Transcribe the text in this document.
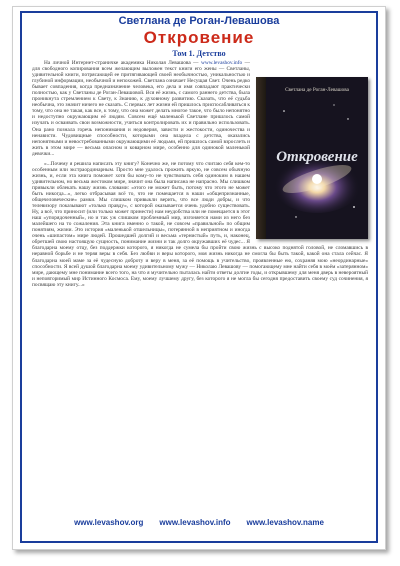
Светлана де Роган-Левашова
Откровение
Том 1. Детство
Светлана де Роган-Левашова
Откровение

На личной Интернет-страничке академика Николая Левашова — www.levashov.info — для свободного копирования всем желающим выложен текст книги его жены — Светланы, удивительной книги, потрясающей ее притягивающей своей необычностью, уникальностью и глубиной информации, необычной и непохожей. Светлана означает Несущая Свет. Очень редко бывает совпадения, когда предназначение человека, его дела и имя совпадают практически полностью, как у Светланы де Роган-Левашовой. Вся её жизнь, с самого раннего детства, была проникнута стремлением к Свету, к Знанию, к духовному развитию. Сказать, что её судьба необычна, это значит ничего не сказать. С первых лет жизни ей пришлось приспосабливаться к тому, что она не такая, как все, к тому, что она может делать многое такое, что было непонятно и недоступно окружающим её людям. Совсем ещё маленькой Светлане пришлось самой изучать и осваивать свои возможности, учиться контролировать их и правильно использовать. Она рано познала горечь непонимания и недоверия, зависти и жестокости, одиночества и ненависти. Чудовищные способности, которыми она владела с детства, оказались непонятными и невостребованными окружающими её людьми, ей пришлось самой взрослеть и жить в этом мире — весьма опасном и коварном мире, особенно для одинокой маленькой девочки...

«...Почему я решила написать эту книгу? Конечно же, не потому что считаю себя кем-то особенным или экстраординарным. Просто мне удалось прожить яркую, не совсем обычную жизнь, и, если эта книга поможет хотя бы кому-то не чувствовать себя одиноким в нашем удивительном, но весьма жестоком мире, значит она была написана не напрасно. Мы слишком привыкли облекать нашу жизнь словами: «этого не может быть, потому что этого не может быть никогда...», легко отбрасывая всё то, что не помещается в наши «общепризнанные, общечеловеческие» рамки. Мы слишком привыкли верить, что все люди добры, и что телевизору показывают «только правду», с которой оказывается очень удобно существовать. Ну, а всё, что приносит (или только может принести) нам неудобства или не помещается в этот наш «упорядоченный», но и так уж слишком проблемный мир, изгоняется нами из него без малейшего на то сожаления. Эта книга именно о такой, не совсем «правильной» по общим понятиям, жизни. Это история «маленькой отшельницы», потерянной в неприятном и иногда очень «шипастом» мире людей. Прошедшей долгий и весьма «тернистый» путь, и, наконец, обретшей свою настоящую сущность, понимание жизни и так долго окружавших её чудес... Я благодарна моему отцу, без поддержки которого, я никогда не сумела бы пройти свою жизнь с высоко поднятой головой, не сломавшись в неравной борьбе и не теряя веры в себя. Без любви и веры которого, моя жизнь никогда не смогла бы быть такой, какой она стала сейчас. Я благодарна моей маме за её чудесную доброту и веру в меня, за её помощь в учительство, проявленные ею, сохраняя мою «неординарные» способности. Я всей душой благодарна моему удивительному мужу — Николаю Левашову — помогающему мне найти себя в моём «затерянном» мире, дающему мне понимание всего того, на что я мучительно пыталась найти ответы долгие годы, и открывшему для меня дверь в невероятный и неповторимый мир Истинного Космоса. Ему, моему лучшему другу, без которого я не могла бы сегодня предоставить своему суд сочинения, я посвящаю эту книгу...»

www.levashov.org www.levashov.info www.levashov.name
